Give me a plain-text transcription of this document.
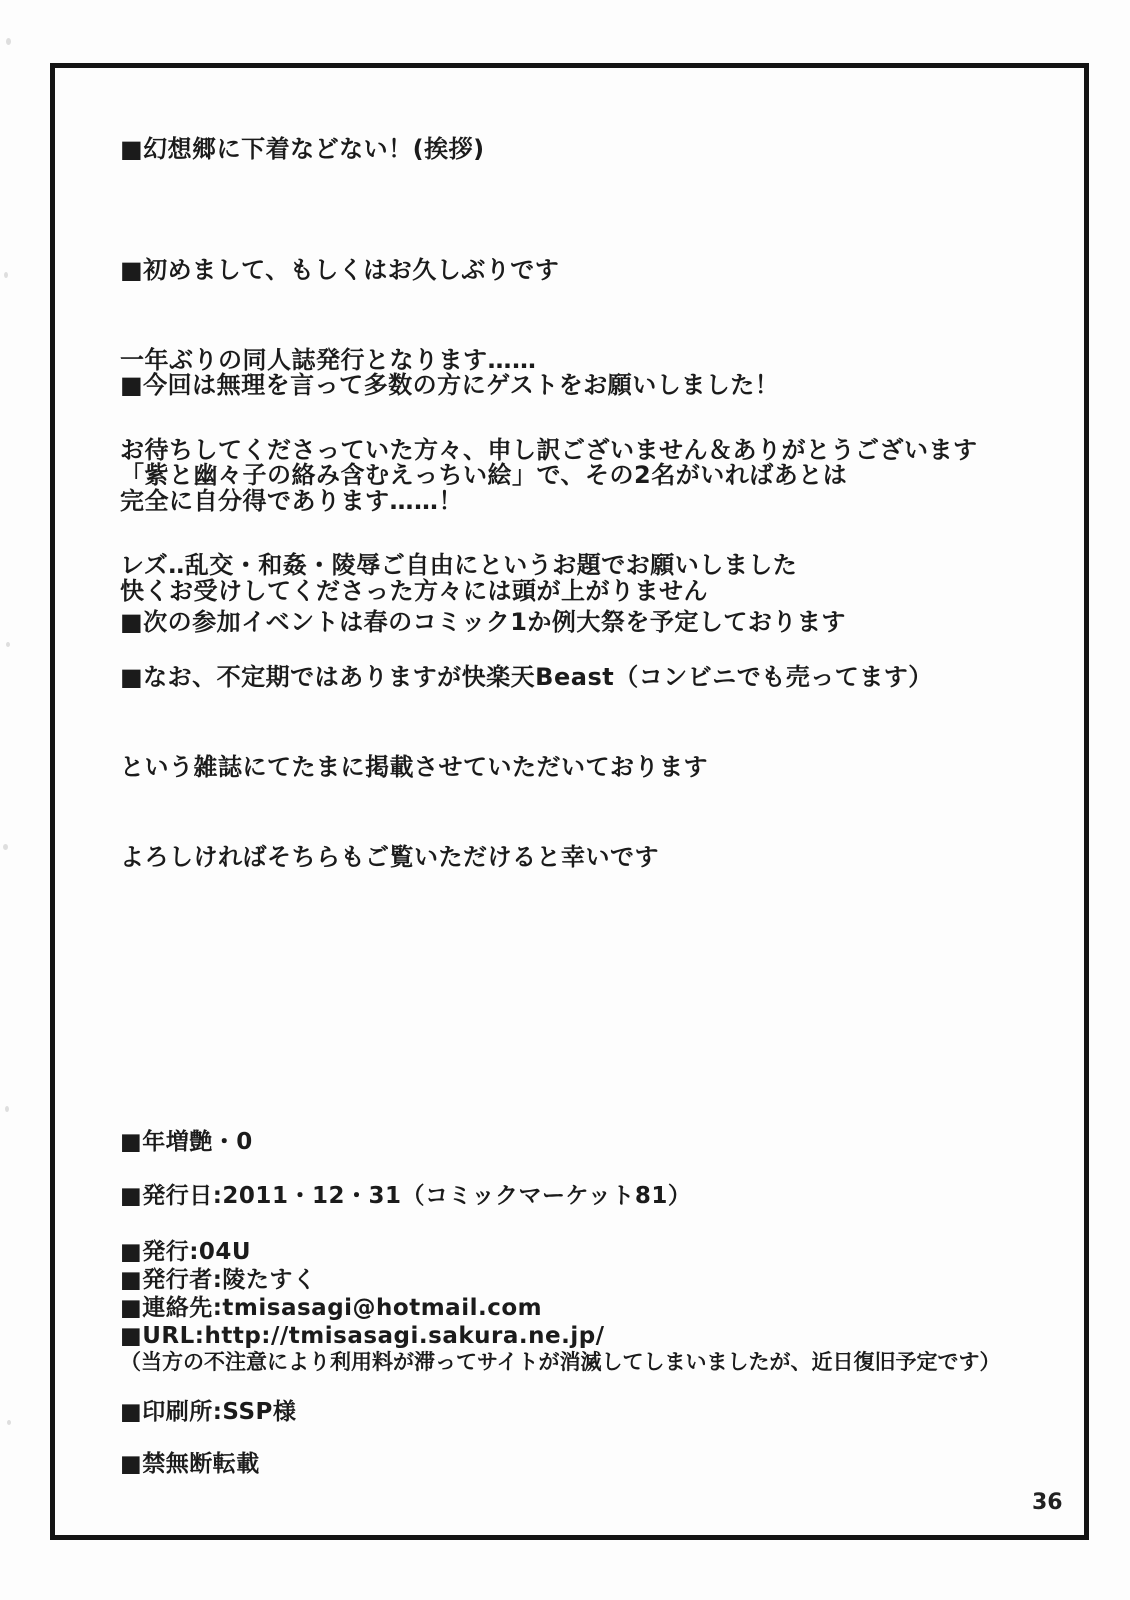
■幻想郷に下着などない！(挨拶)

■初めまして、もしくはお久しぶりです

一年ぶりの同人誌発行となります……

お待ちしてくださっていた方々、申し訳ございません＆ありがとうございます

■今回は無理を言って多数の方にゲストをお願いしました！

「紫と幽々子の絡み含むえっちい絵」で、その2名がいればあとは

レズ‥乱交・和姦・陵辱ご自由にというお題でお願いしました

完全に自分得であります……！

快くお受けしてくださった方々には頭が上がりません

■次の参加イベントは春のコミック1か例大祭を予定しております

■なお、不定期ではありますが快楽天Beast（コンビニでも売ってます）

という雑誌にてたまに掲載させていただいております

よろしければそちらもご覧いただけると幸いです

■年増艶・0
■発行日:2011・12・31（コミックマーケット81）
■発行:04U
■発行者:陵たすく
■連絡先:tmisasagi@hotmail.com
■URL:http://tmisasagi.sakura.ne.jp/
（当方の不注意により利用料が滞ってサイトが消滅してしまいましたが、近日復旧予定です）
■印刷所:SSP様
■禁無断転載
36
